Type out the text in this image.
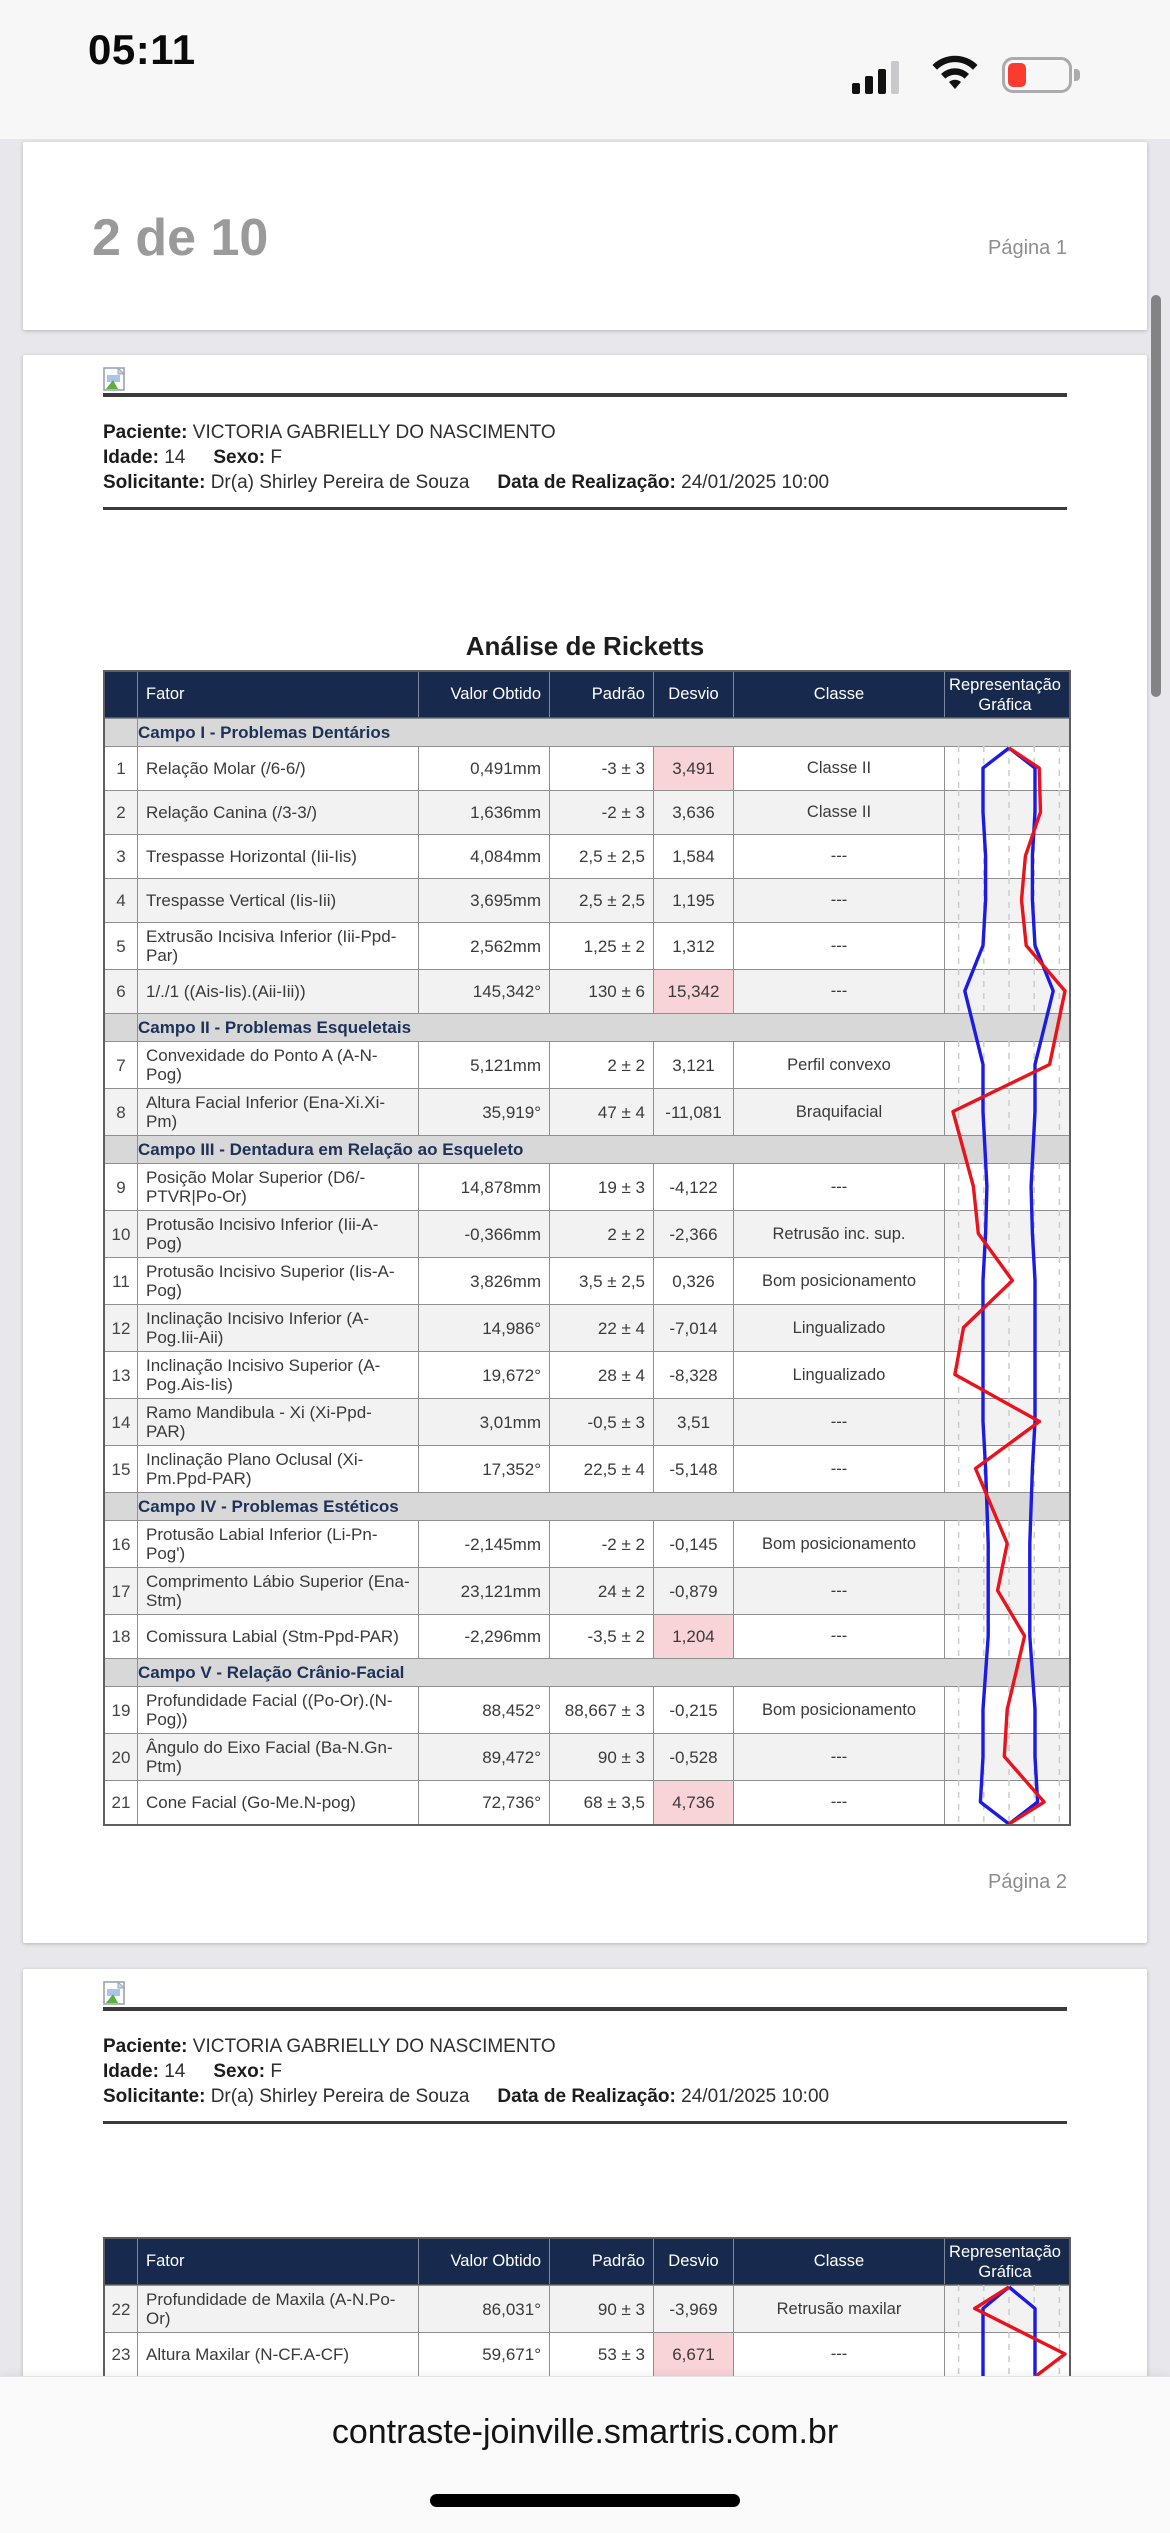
05:11
2 de 10	Página 1
Paciente: VICTORIA GABRIELLY DO NASCIMENTO
Idade: 14 Sexo: F
Solicitante: Dr(a) Shirley Pereira de Souza Data de Realização: 24/01/2025 10:00
Análise de Ricketts
Fator	Valor Obtido	Padrão	Desvio	Classe
Representação Gráfica
Campo I - Problemas Dentários
1	Relação Molar (/6-6/)	0,491mm	-3 ± 3	3,491	Classe II
2	Relação Canina (/3-3/)	1,636mm	-2 ± 3	3,636	Classe II
3	Trespasse Horizontal (Iii-Iis)	4,084mm	2,5 ± 2,5	1,584	---
4	Trespasse Vertical (Iis-Iii)	3,695mm	2,5 ± 2,5	1,195	---
5	Extrusão Incisiva Inferior (Iii-Ppd-Par)	2,562mm	1,25 ± 2	1,312	---
6	1/./1 ((Ais-Iis).(Aii-Iii))	145,342°	130 ± 6	15,342	---
Campo II - Problemas Esqueletais
7	Convexidade do Ponto A (A-N-Pog)	5,121mm	2 ± 2	3,121	Perfil convexo
8	Altura Facial Inferior (Ena-Xi.Xi-Pm)	35,919°	47 ± 4	-11,081	Braquifacial
Campo III - Dentadura em Relação ao Esqueleto
9	Posição Molar Superior (D6/-PTVR|Po-Or)	14,878mm	19 ± 3	-4,122	---
10 Protusão Incisivo Inferior (Iii-A-Pog)	-0,366mm	2 ± 2	-2,366	Retrusão inc. sup.
11 Protusão Incisivo Superior (Iis-A-Pog)	3,826mm	3,5 ± 2,5	0,326	Bom posicionamento
12 Inclinação Incisivo Inferior (A-Pog.Iii-Aii)	14,986°	22 ± 4	-7,014	Lingualizado
13 Inclinação Incisivo Superior (A-Pog.Ais-Iis)	19,672°	28 ± 4	-8,328	Lingualizado
14 Ramo Mandibula - Xi (Xi-Ppd-PAR)	3,01mm	-0,5 ± 3	3,51	---
15 Inclinação Plano Oclusal (Xi-Pm.Ppd-PAR)	17,352°	22,5 ± 4	-5,148	---
Campo IV - Problemas Estéticos
16 Protusão Labial Inferior (Li-Pn-Pog')	-2,145mm	-2 ± 2	-0,145	Bom posicionamento
17 Comprimento Lábio Superior (Ena-Stm)	23,121mm	24 ± 2	-0,879	---
18 Comissura Labial (Stm-Ppd-PAR)	-2,296mm	-3,5 ± 2	1,204	---
Campo V - Relação Crânio-Facial
19 Profundidade Facial ((Po-Or).(N-Pog))	88,452°	88,667 ± 3	-0,215	Bom posicionamento
20 Ângulo do Eixo Facial (Ba-N.Gn-Ptm)	89,472°	90 ± 3	-0,528	---
21 Cone Facial (Go-Me.N-pog)	72,736°	68 ± 3,5	4,736	---
Página 2
Paciente: VICTORIA GABRIELLY DO NASCIMENTO
Idade: 14 Sexo: F
Solicitante: Dr(a) Shirley Pereira de Souza Data de Realização: 24/01/2025 10:00
Fator	Valor Obtido	Padrão	Desvio	Classe
Representação Gráfica
22 Profundidade de Maxila (A-N.Po-Or)	86,031°	90 ± 3	-3,969	Retrusão maxilar
23 Altura Maxilar (N-CF.A-CF)	59,671°	53 ± 3	6,671	---
contraste-joinville.smartris.com.br
